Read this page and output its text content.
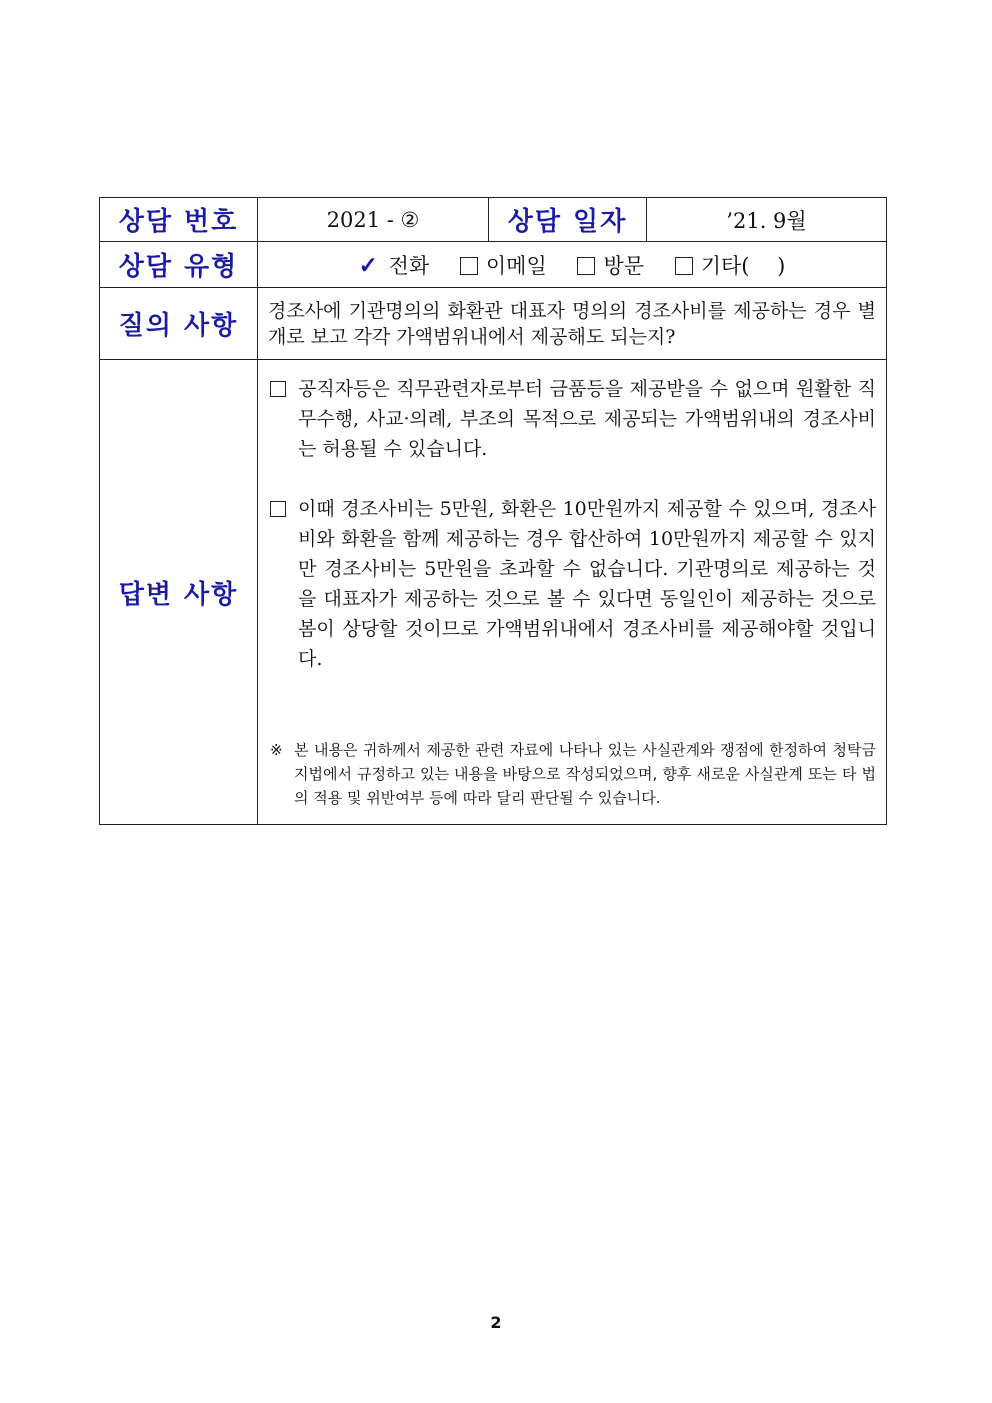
상담 번호	2021 - ②	상담 일자	’21. 9월
상담 유형	✓ 전화 이메일 방문 기타(　 )		
질의 사항	경조사에 기관명의의 화환관 대표자 명의의 경조사비를 제공하는 경우 별개로 보고 각각 가액범위내에서 제공해도 되는지?		

답변 사항	공직자등은 직무관련자로부터 금품등을 제공받을 수 없으며 원활한 직무수행, 사교·의례, 부조의 목적으로 제공되는 가액범위내의 경조사비는 허용될 수 있습니다.
이때 경조사비는 5만원, 화환은 10만원까지 제공할 수 있으며, 경조사비와 화환을 함께 제공하는 경우 합산하여 10만원까지 제공할 수 있지만 경조사비는 5만원을 초과할 수 없습니다. 기관명의로 제공하는 것을 대표자가 제공하는 것으로 볼 수 있다면 동일인이 제공하는 것으로 봄이 상당할 것이므로 가액범위내에서 경조사비를 제공해야할 것입니다.
※ 본 내용은 귀하께서 제공한 관련 자료에 나타나 있는 사실관계와 쟁점에 한정하여 청탁금지법에서 규정하고 있는 내용을 바탕으로 작성되었으며, 향후 새로운 사실관계 또는 타 법의 적용 및 위반여부 등에 따라 달리 판단될 수 있습니다.		
2
